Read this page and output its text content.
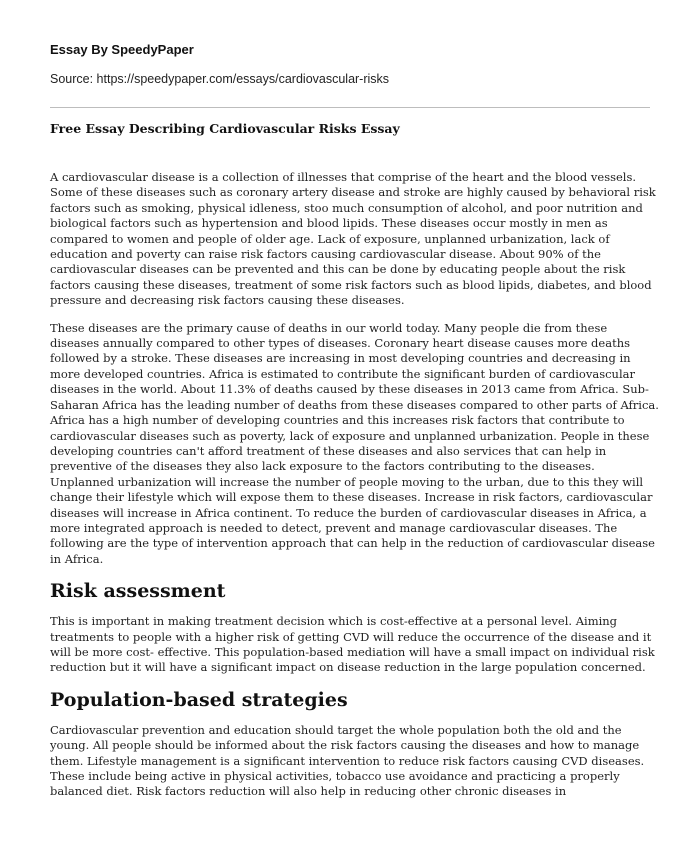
Essay By SpeedyPaper

Source: https://speedypaper.com/essays/cardiovascular-risks

Free Essay Describing Cardiovascular Risks Essay

A cardiovascular disease is a collection of illnesses that comprise of the heart and the blood vessels. Some of these diseases such as coronary artery disease and stroke are highly caused by behavioral risk factors such as smoking, physical idleness, stoo much consumption of alcohol, and poor nutrition and biological factors such as hypertension and blood lipids. These diseases occur mostly in men as compared to women and people of older age. Lack of exposure, unplanned urbanization, lack of education and poverty can raise risk factors causing cardiovascular disease. About 90% of the cardiovascular diseases can be prevented and this can be done by educating people about the risk factors causing these diseases, treatment of some risk factors such as blood lipids, diabetes, and blood pressure and decreasing risk factors causing these diseases.

These diseases are the primary cause of deaths in our world today. Many people die from these diseases annually compared to other types of diseases. Coronary heart disease causes more deaths followed by a stroke. These diseases are increasing in most developing countries and decreasing in more developed countries. Africa is estimated to contribute the significant burden of cardiovascular diseases in the world. About 11.3% of deaths caused by these diseases in 2013 came from Africa. Sub- Saharan Africa has the leading number of deaths from these diseases compared to other parts of Africa. Africa has a high number of developing countries and this increases risk factors that contribute to cardiovascular diseases such as poverty, lack of exposure and unplanned urbanization. People in these developing countries can't afford treatment of these diseases and also services that can help in preventive of the diseases they also lack exposure to the factors contributing to the diseases. Unplanned urbanization will increase the number of people moving to the urban, due to this they will change their lifestyle which will expose them to these diseases. Increase in risk factors, cardiovascular diseases will increase in Africa continent. To reduce the burden of cardiovascular diseases in Africa, a more integrated approach is needed to detect, prevent and manage cardiovascular diseases. The following are the type of intervention approach that can help in the reduction of cardiovascular disease in Africa.

Risk assessment

This is important in making treatment decision which is cost-effective at a personal level. Aiming treatments to people with a higher risk of getting CVD will reduce the occurrence of the disease and it will be more cost- effective. This population-based mediation will have a small impact on individual risk reduction but it will have a significant impact on disease reduction in the large population concerned.

Population-based strategies

Cardiovascular prevention and education should target the whole population both the old and the young. All people should be informed about the risk factors causing the diseases and how to manage them. Lifestyle management is a significant intervention to reduce risk factors causing CVD diseases. These include being active in physical activities, tobacco use avoidance and practicing a properly balanced diet. Risk factors reduction will also help in reducing other chronic diseases in
